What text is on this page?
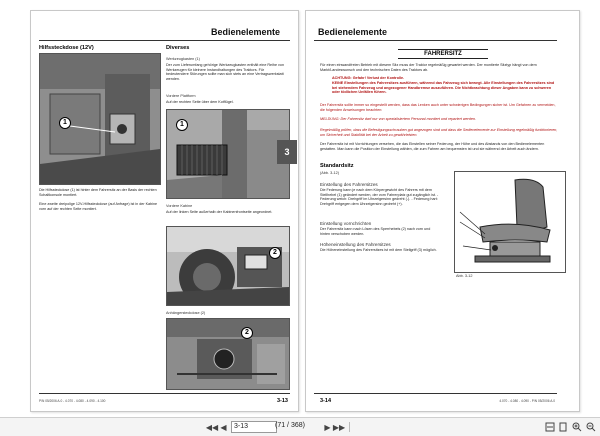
Bedienelemente
Hilfssteckdose (12V)	Diverses
1
Die Hilfssteckdose (1) ist hinter dem Fahrersitz an der Basis der rechten Schaltkonsole montiert.
Eine zweite dreipolige 12V-Hilfssteckdose (auf Anfrage) ist in der Kabine vorn auf der rechten Seite montiert.
Werkzeugkasten (1)
Der zum Lieferumfang gehörige Werkzeugkasten enthält eine Reihe von Werkzeugen für kleinere Instandhaltungen des Traktors. Für bedeutendere Störungen sollte man sich stets an eine Vertragswerkstatt wenden.
Vordere Plattform
Auf der rechten Seite über dem Kotflügel.
1
Vordere Kabine
Auf der linken Seite außerhalb der Kabinenfrontseite angeordnet.
2
Anhängersteckdose (2)
2
P/N 05/2006 A.0 - 4.070 - 4.080 - 4.090 - 4.100	3-13
3
Bedienelemente
FAHRERSITZ
Für einen einwandfreien Betrieb mit diesem Sitz muss der Traktor regelmäßig gewartet werden. Der montierte Sitztyp hängt von dem Markt/Landeswunsch und den technischen Daten des Traktors ab.
ACHTUNG: Gefahr! Verlust der Kontrolle.
KEINE Einstellungen des Fahrersitzes ausführen, während das Fahrzeug sich bewegt. Alle Einstellungen des Fahrersitzes sind bei stehendem Fahrzeug und angezogener Handbremse auszuführen. Die Nichtbeachtung dieser Angaben kann zu schweren oder tödlichen Unfällen führen.
Der Fahrersitz sollte immer so eingestellt werden, dass das Lenken auch unter schwierigen Bedingungen sicher ist. Um Gefahren zu vermeiden, die folgenden Anweisungen beachten:
MELDUNG: Der Fahrersitz darf nur von spezialisiertem Personal montiert und repariert werden.
Regelmäßig prüfen, dass die Befestigungsschrauben gut angezogen sind und dass die Sedienelemente zur Einstellung regelmäßig funktionieren, um Sicherheit und Stabilität bei der Arbeit zu gewährleisten.
Der Fahrersitz ist mit Vorrichtungen versehen, die das Einstellen seiner Federung, der Höhe und des Abstands von den Bedienelementen gestatten. Man kann die Position der Einstellung wählen, die zum Fahren am bequemsten ist und sie während der Arbeit auch ändern.
Standardsitz
(Abb. 3-12)
Einstellung des Fahrersitzes
Die Federung kann je nach dem Körpergewicht des Fahrers mit dem Stellhebel (1) geändert werden, der vom Fahrerplatz gut zugänglich ist. - Federung weich: Drehgriff im Uhrzeigersinn gedreht (-). - Federung hart: Drehgriff entgegen dem Uhrzeigersinn gedreht (+).
Einstellung vornchrichten
Der Fahrersitz kann nach Lösen des Sperrhebels (2) nach vorn und hinten verschoben werden.
Höheneinstellung des Fahrersitzes
Die Höheneinstellung des Fahrersitzes ist mit dem Stellgriff (3) möglich.
Abb. 3-12
3-14	4.070 - 4.080 - 4.090 - P/N 05/2006 A.0
◀◀ ◀	3-13	(71 / 368) ▶ ▶▶
